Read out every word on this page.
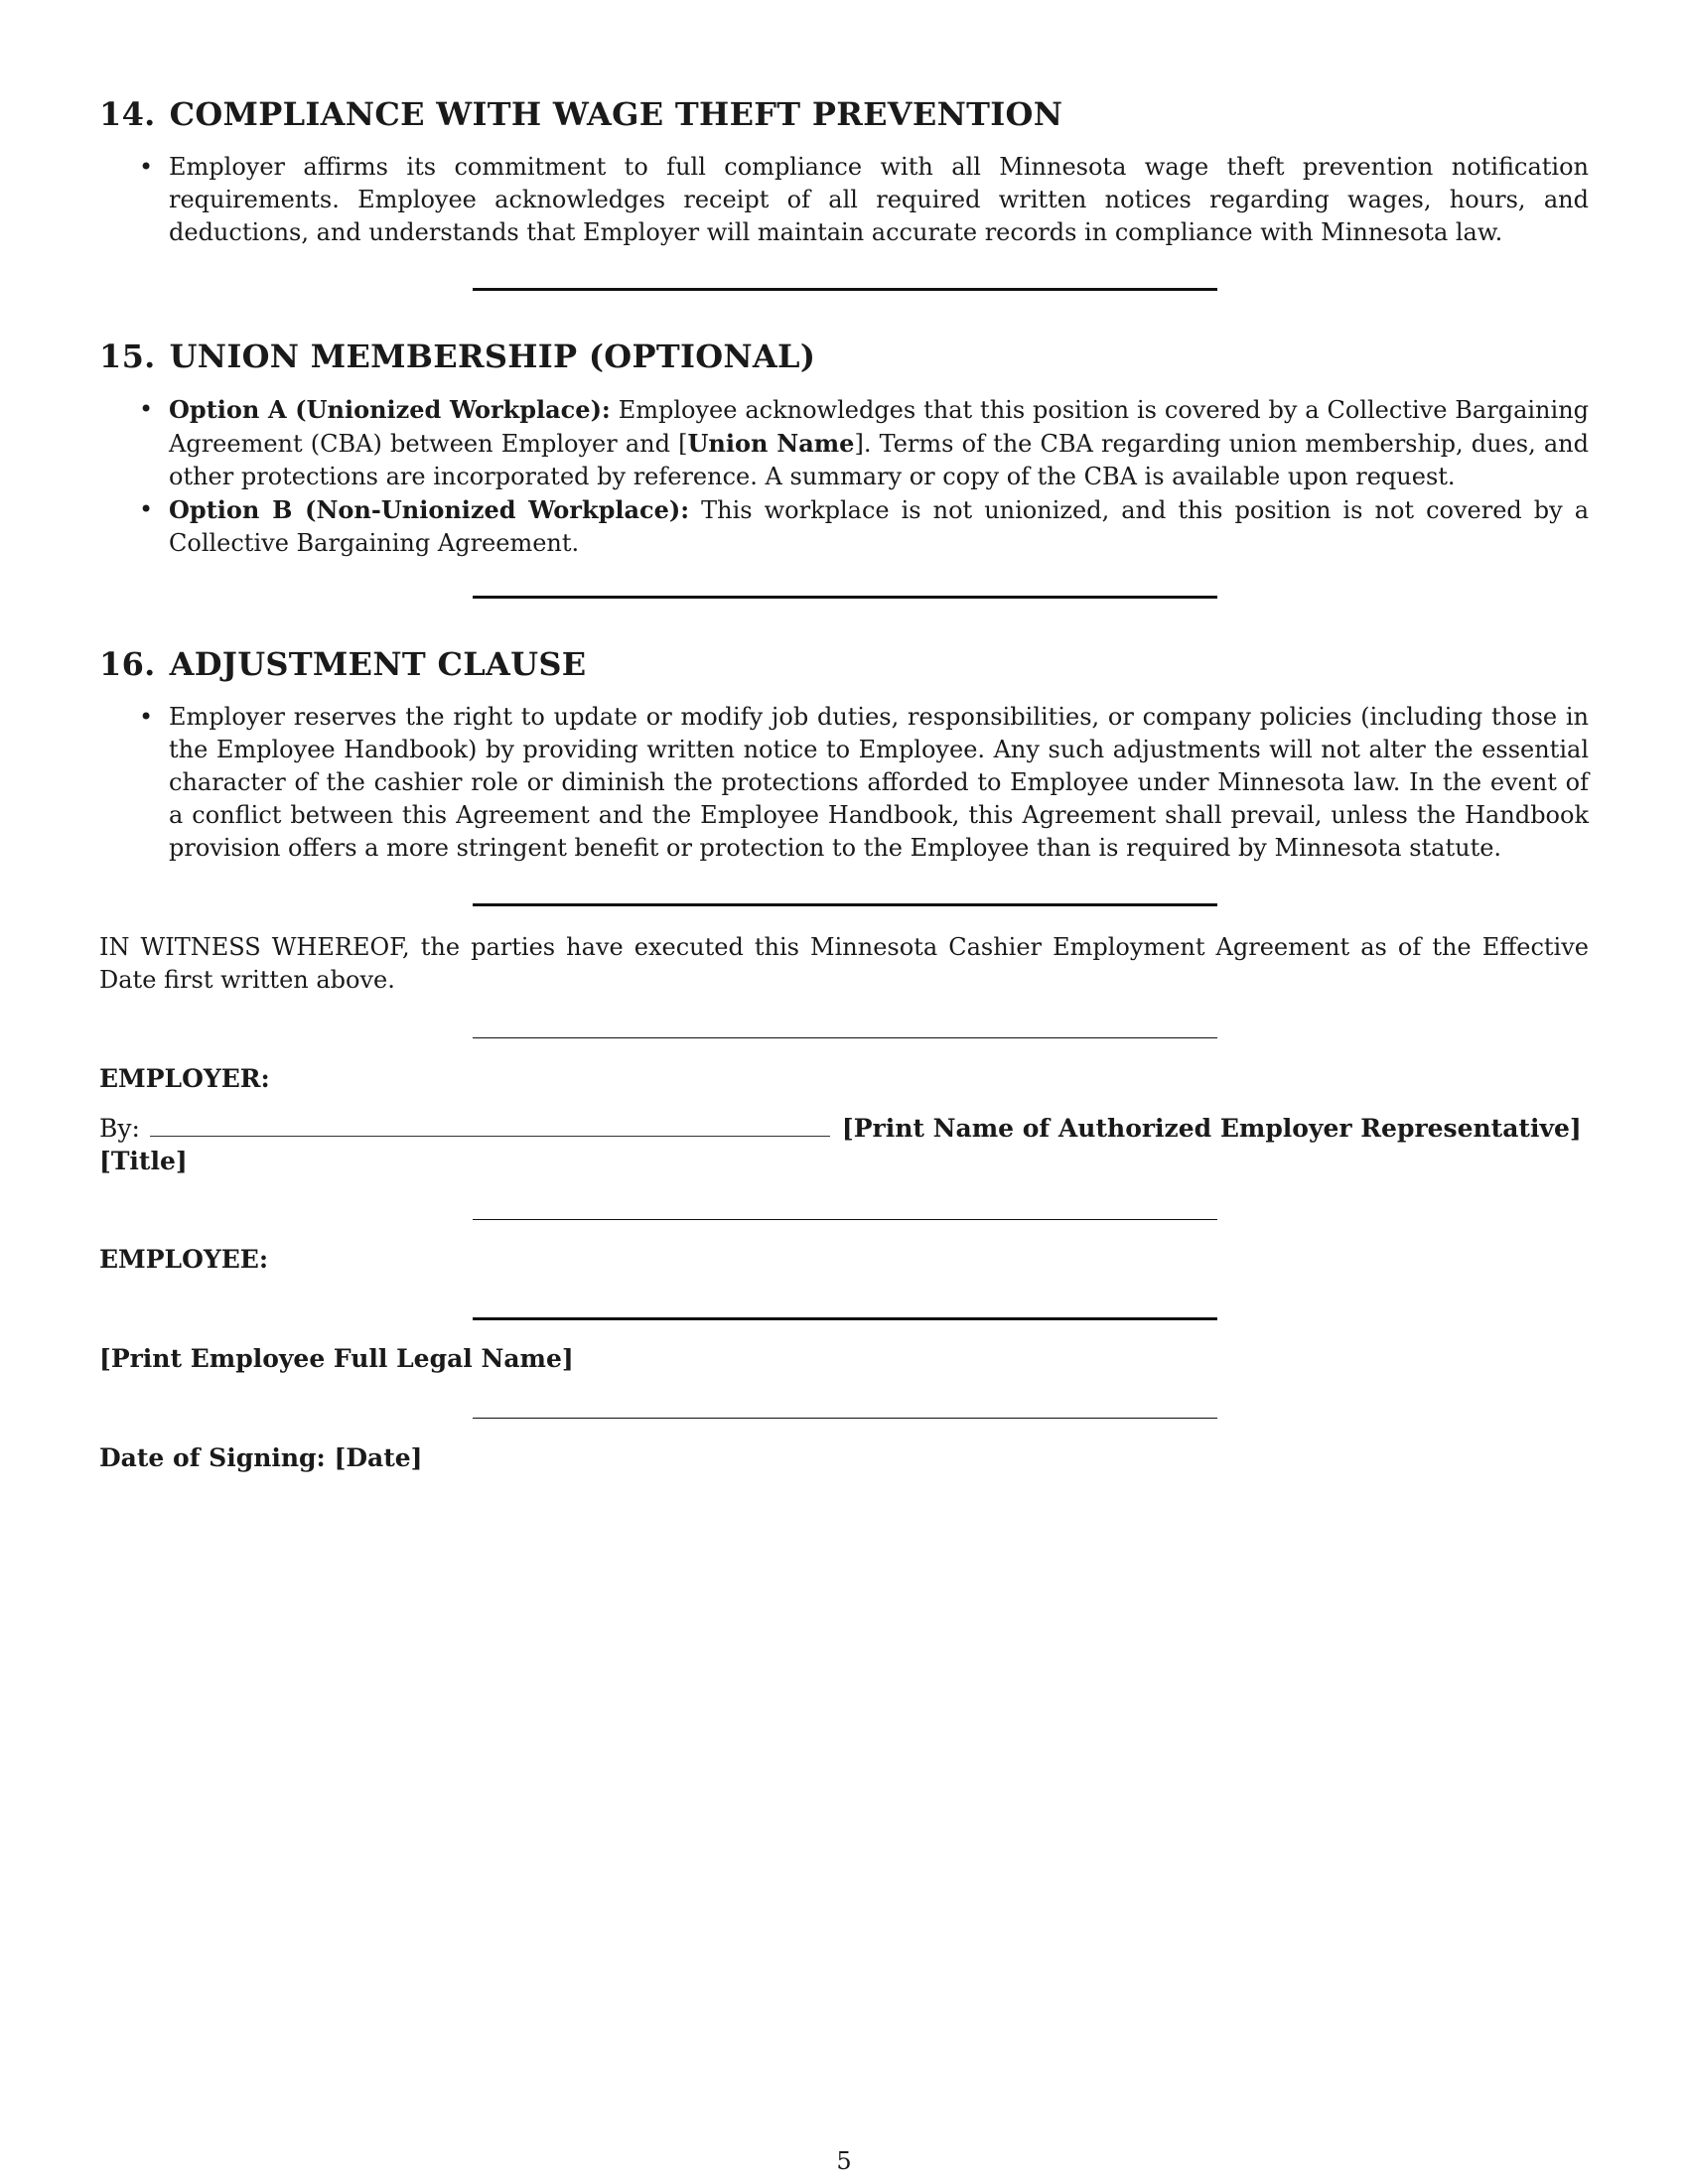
14. COMPLIANCE WITH WAGE THEFT PREVENTION
• Employer affirms its commitment to full compliance with all Minnesota wage theft prevention notification requirements. Employee acknowledges receipt of all required written notices regarding wages, hours, and deductions, and understands that Employer will maintain accurate records in compliance with Minnesota law.
15. UNION MEMBERSHIP (OPTIONAL)
• Option A (Unionized Workplace): Employee acknowledges that this position is covered by a Collective Bargaining Agreement (CBA) between Employer and [Union Name]. Terms of the CBA regarding union membership, dues, and other protections are incorporated by reference. A summary or copy of the CBA is available upon request.
• Option B (Non-Unionized Workplace): This workplace is not unionized, and this position is not covered by a Collective Bargaining Agreement.
16. ADJUSTMENT CLAUSE
• Employer reserves the right to update or modify job duties, responsibilities, or company policies (including those in the Employee Handbook) by providing written notice to Employee. Any such adjustments will not alter the essential character of the cashier role or diminish the protections afforded to Employee under Minnesota law. In the event of a conflict between this Agreement and the Employee Handbook, this Agreement shall prevail, unless the Handbook provision offers a more stringent benefit or protection to the Employee than is required by Minnesota statute.

IN WITNESS WHEREOF, the parties have executed this Minnesota Cashier Employment Agreement as of the Effective Date first written above.

EMPLOYER:
By:	[Print Name of Authorized Employer Representative]
[Title]
EMPLOYEE:
[Print Employee Full Legal Name]
Date of Signing: [Date]
5
